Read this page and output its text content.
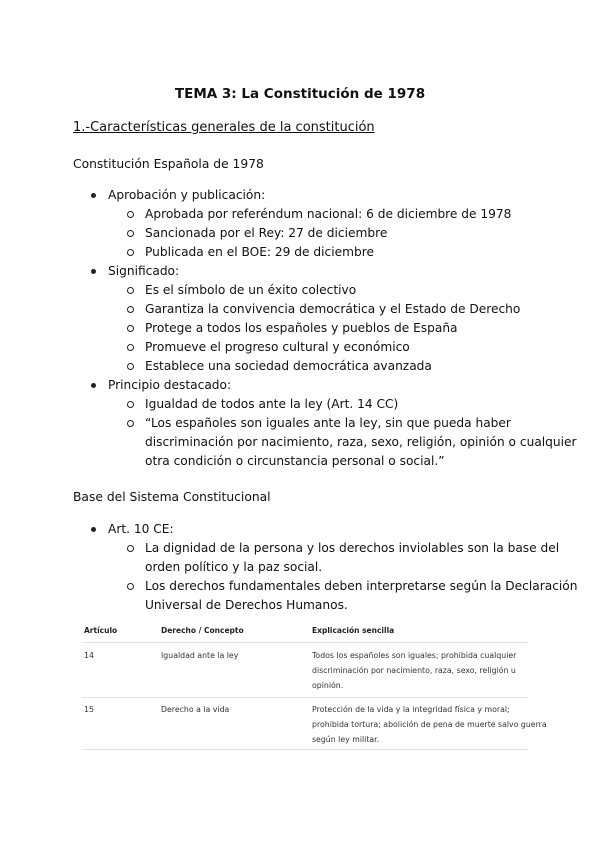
TEMA 3: La Constitución de 1978
1.-Características generales de la constitución
Constitución Española de 1978
Aprobación y publicación:
Aprobada por referéndum nacional: 6 de diciembre de 1978
Sancionada por el Rey: 27 de diciembre
Publicada en el BOE: 29 de diciembre
Significado:
Es el símbolo de un éxito colectivo
Garantiza la convivencia democrática y el Estado de Derecho
Protege a todos los españoles y pueblos de España
Promueve el progreso cultural y económico
Establece una sociedad democrática avanzada
Principio destacado:
Igualdad de todos ante la ley (Art. 14 CC)
“Los españoles son iguales ante la ley, sin que pueda haber
discriminación por nacimiento, raza, sexo, religión, opinión o cualquier
otra condición o circunstancia personal o social.”
Base del Sistema Constitucional
Art. 10 CE:
La dignidad de la persona y los derechos inviolables son la base del
orden político y la paz social.
Los derechos fundamentales deben interpretarse según la Declaración
Universal de Derechos Humanos.
Artículo	Derecho / Concepto	Explicación sencilla
14	Igualdad ante la ley	Todos los españoles son iguales; prohibida cualquier
discriminación por nacimiento, raza, sexo, religión u
opinión.
15	Derecho a la vida	Protección de la vida y la integridad física y moral;
prohibida tortura; abolición de pena de muerte salvo guerra
según ley militar.
